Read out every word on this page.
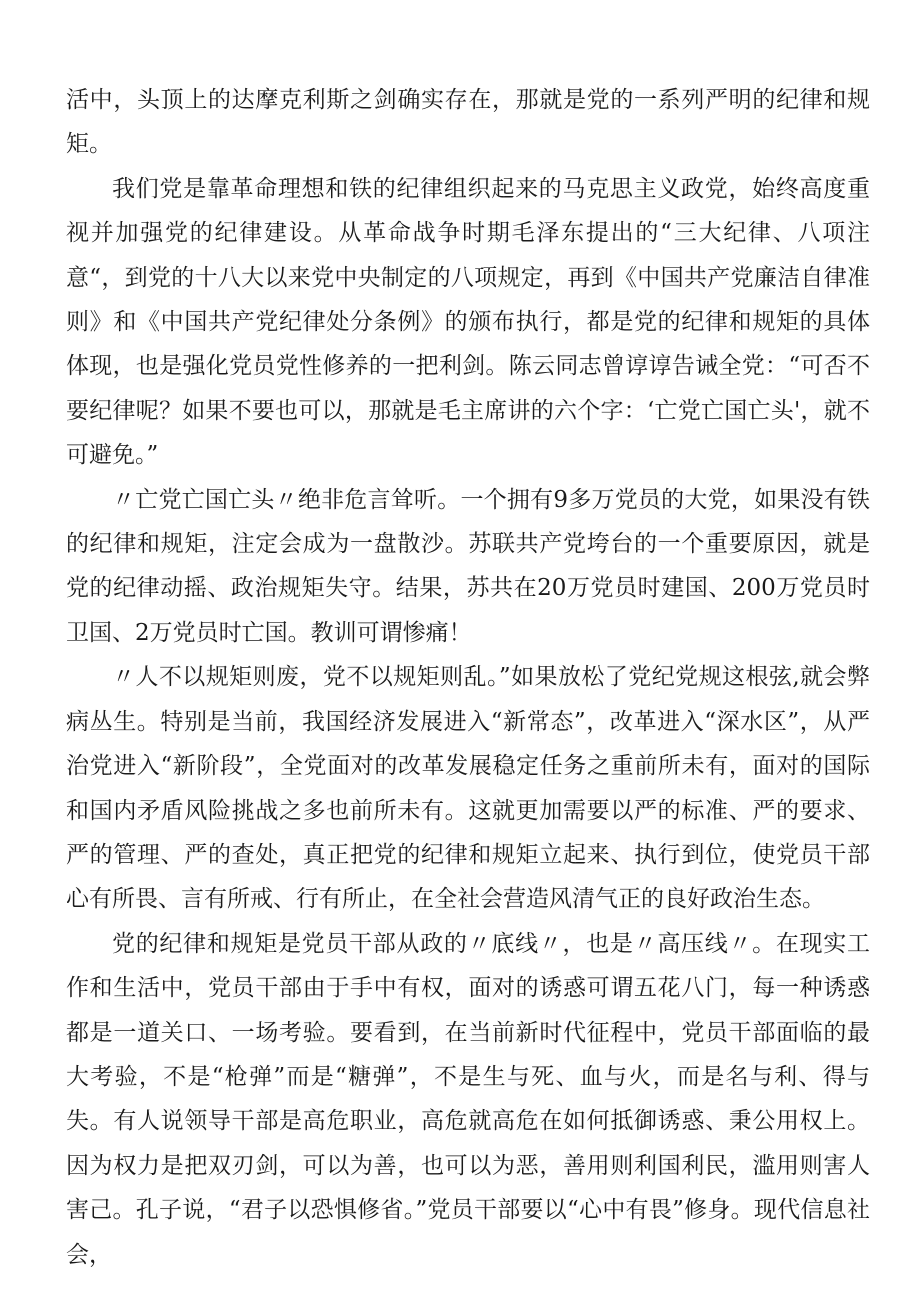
活中，头顶上的达摩克利斯之剑确实存在，那就是党的一系列严明的纪律和规矩。

我们党是靠革命理想和铁的纪律组织起来的马克思主义政党，始终高度重视并加强党的纪律建设。从革命战争时期毛泽东提出的“三大纪律、八项注意“，到党的十八大以来党中央制定的八项规定，再到《中国共产党廉洁自律准则》和《中国共产党纪律处分条例》的颁布执行，都是党的纪律和规矩的具体体现，也是强化党员党性修养的一把利剑。陈云同志曾谆谆告诫全党：“可否不要纪律呢？如果不要也可以，那就是毛主席讲的六个字：‘亡党亡国亡头'，就不可避免。”

〃亡党亡国亡头〃绝非危言耸听。一个拥有9多万党员的大党，如果没有铁的纪律和规矩，注定会成为一盘散沙。苏联共产党垮台的一个重要原因，就是党的纪律动摇、政治规矩失守。结果，苏共在20万党员时建国、200万党员时卫国、2万党员时亡国。教训可谓惨痛！

〃人不以规矩则废，党不以规矩则乱。”如果放松了党纪党规这根弦,就会弊病丛生。特别是当前，我国经济发展进入“新常态”，改革进入“深水区”，从严治党进入“新阶段”，全党面对的改革发展稳定任务之重前所未有，面对的国际和国内矛盾风险挑战之多也前所未有。这就更加需要以严的标准、严的要求、严的管理、严的查处，真正把党的纪律和规矩立起来、执行到位，使党员干部心有所畏、言有所戒、行有所止，在全社会营造风清气正的良好政治生态。

党的纪律和规矩是党员干部从政的〃底线〃，也是〃高压线〃。在现实工作和生活中，党员干部由于手中有权，面对的诱惑可谓五花八门，每一种诱惑都是一道关口、一场考验。要看到，在当前新时代征程中，党员干部面临的最大考验，不是“枪弹”而是“糖弹”，不是生与死、血与火，而是名与利、得与失。有人说领导干部是高危职业，高危就高危在如何抵御诱惑、秉公用权上。因为权力是把双刃剑，可以为善，也可以为恶，善用则利国利民，滥用则害人害己。孔子说，“君子以恐惧修省。”党员干部要以“心中有畏”修身。现代信息社会，
